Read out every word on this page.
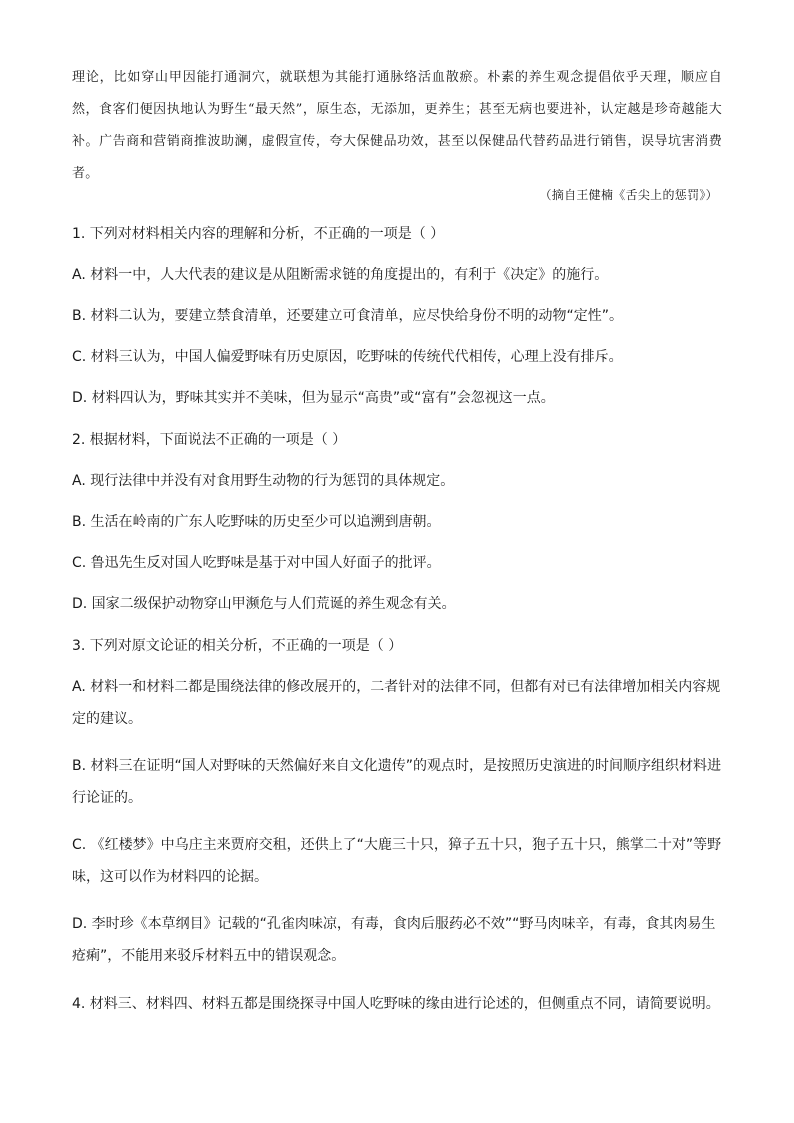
理论，比如穿山甲因能打通洞穴，就联想为其能打通脉络活血散瘀。朴素的养生观念提倡依乎天理，顺应自然，食客们便因执地认为野生“最天然”，原生态，无添加，更养生；甚至无病也要进补，认定越是珍奇越能大补。广告商和营销商推波助澜，虚假宣传，夸大保健品功效，甚至以保健品代替药品进行销售，误导坑害消费者。
（摘自王健楠《舌尖上的惩罚》）

1. 下列对材料相关内容的理解和分析，不正确的一项是（ ）

A. 材料一中，人大代表的建议是从阻断需求链的角度提出的，有利于《决定》的施行。

B. 材料二认为，要建立禁食清单，还要建立可食清单，应尽快给身份不明的动物“定性”。

C. 材料三认为，中国人偏爱野味有历史原因，吃野味的传统代代相传，心理上没有排斥。

D. 材料四认为，野味其实并不美味，但为显示“高贵”或“富有”会忽视这一点。

2. 根据材料，下面说法不正确的一项是（ ）

A. 现行法律中并没有对食用野生动物的行为惩罚的具体规定。

B. 生活在岭南的广东人吃野味的历史至少可以追溯到唐朝。

C. 鲁迅先生反对国人吃野味是基于对中国人好面子的批评。

D. 国家二级保护动物穿山甲濒危与人们荒诞的养生观念有关。

3. 下列对原文论证的相关分析，不正确的一项是（ ）

A. 材料一和材料二都是围绕法律的修改展开的，二者针对的法律不同，但都有对已有法律增加相关内容规定的建议。

B. 材料三在证明“国人对野味的天然偏好来自文化遗传”的观点时，是按照历史演进的时间顺序组织材料进行论证的。

C. 《红楼梦》中乌庄主来贾府交租，还供上了“大鹿三十只，獐子五十只，狍子五十只，熊掌二十对”等野味，这可以作为材料四的论据。

D. 李时珍《本草纲目》记载的“孔雀肉味凉，有毒，食肉后服药必不效”“野马肉味辛，有毒，食其肉易生疮痢”，不能用来驳斥材料五中的错误观念。

4. 材料三、材料四、材料五都是围绕探寻中国人吃野味的缘由进行论述的，但侧重点不同，请简要说明。
